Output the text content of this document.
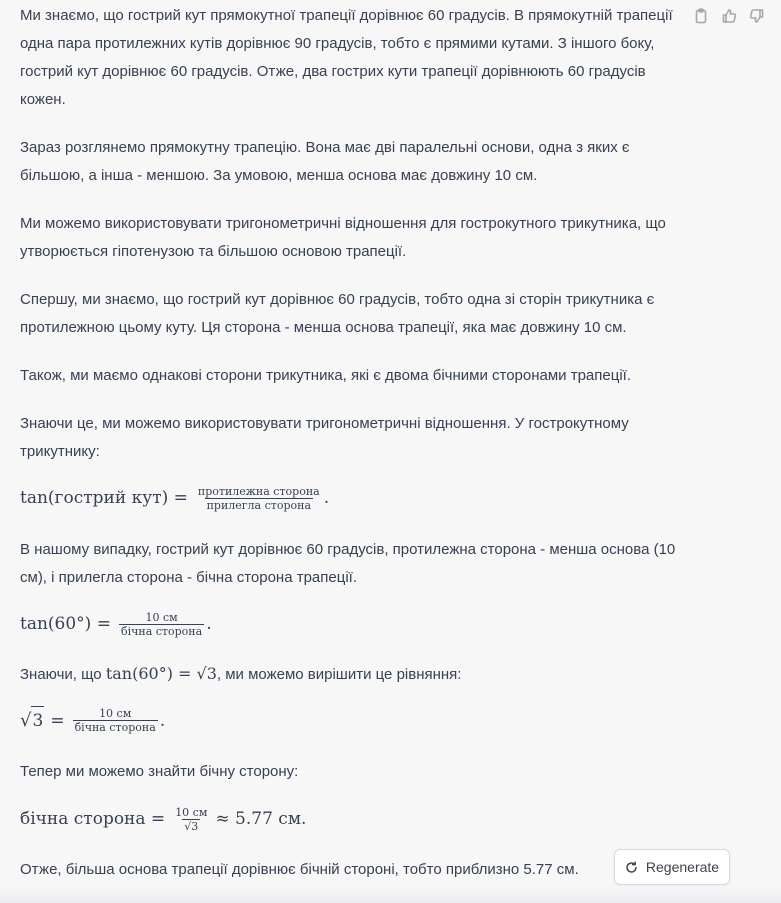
Ми знаємо, що гострий кут прямокутної трапеції дорівнює 60 градусів. В прямокутній трапеції одна пара протилежних кутів дорівнює 90 градусів, тобто є прямими кутами. З іншого боку, гострий кут дорівнює 60 градусів. Отже, два гострих кути трапеції дорівнюють 60 градусів кожен.

Зараз розглянемо прямокутну трапецію. Вона має дві паралельні основи, одна з яких є більшою, а інша - меншою. За умовою, менша основа має довжину 10 см.

Ми можемо використовувати тригонометричні відношення для гострокутного трикутника, що утворюється гіпотенузою та більшою основою трапеції.

Спершу, ми знаємо, що гострий кут дорівнює 60 градусів, тобто одна зі сторін трикутника є протилежною цьому куту. Ця сторона - менша основа трапеції, яка має довжину 10 см.

Також, ми маємо однакові сторони трикутника, які є двома бічними сторонами трапеції.

Знаючи це, ми можемо використовувати тригонометричні відношення. У гострокутному трикутнику:

tan(гострий $кут) = \frac{\text{протилежна сторона}}{\text{прилегла сторона}}$ .

В нашому випадку, гострий кут дорівнює 60 градусів, протилежна сторона - менша основа (10 см), і прилегла сторона - бічна сторона трапеції.

$\tan(60^\circ) = \frac{10 см}{\text{бічна сторона}}$ .

Знаючи, що tan(60°) = √3, ми можемо вирішити це рівняння:

√ $3 = \frac{10 см}{\text{бічна сторона}}$ .

Тепер ми можемо знайти бічну сторону:

бічна сторона = $\frac{10 см}{√3} \approx 5.77$ см.

Отже, більша основа трапеції дорівнює бічній стороні, тобто приблизно 5.77 см.	Regenerate
